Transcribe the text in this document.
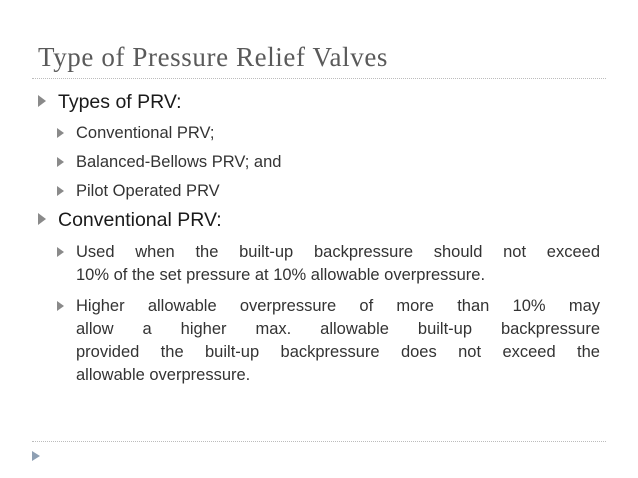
Type of Pressure Relief Valves
Types of PRV:
Conventional PRV;
Balanced-Bellows PRV; and
Pilot Operated PRV
Conventional PRV:
Used when the built-up backpressure should not exceed
10% of the set pressure at 10% allowable overpressure.
Higher allowable overpressure of more than 10% may
allow a higher max. allowable built-up backpressure
provided the built-up backpressure does not exceed the
allowable overpressure.
